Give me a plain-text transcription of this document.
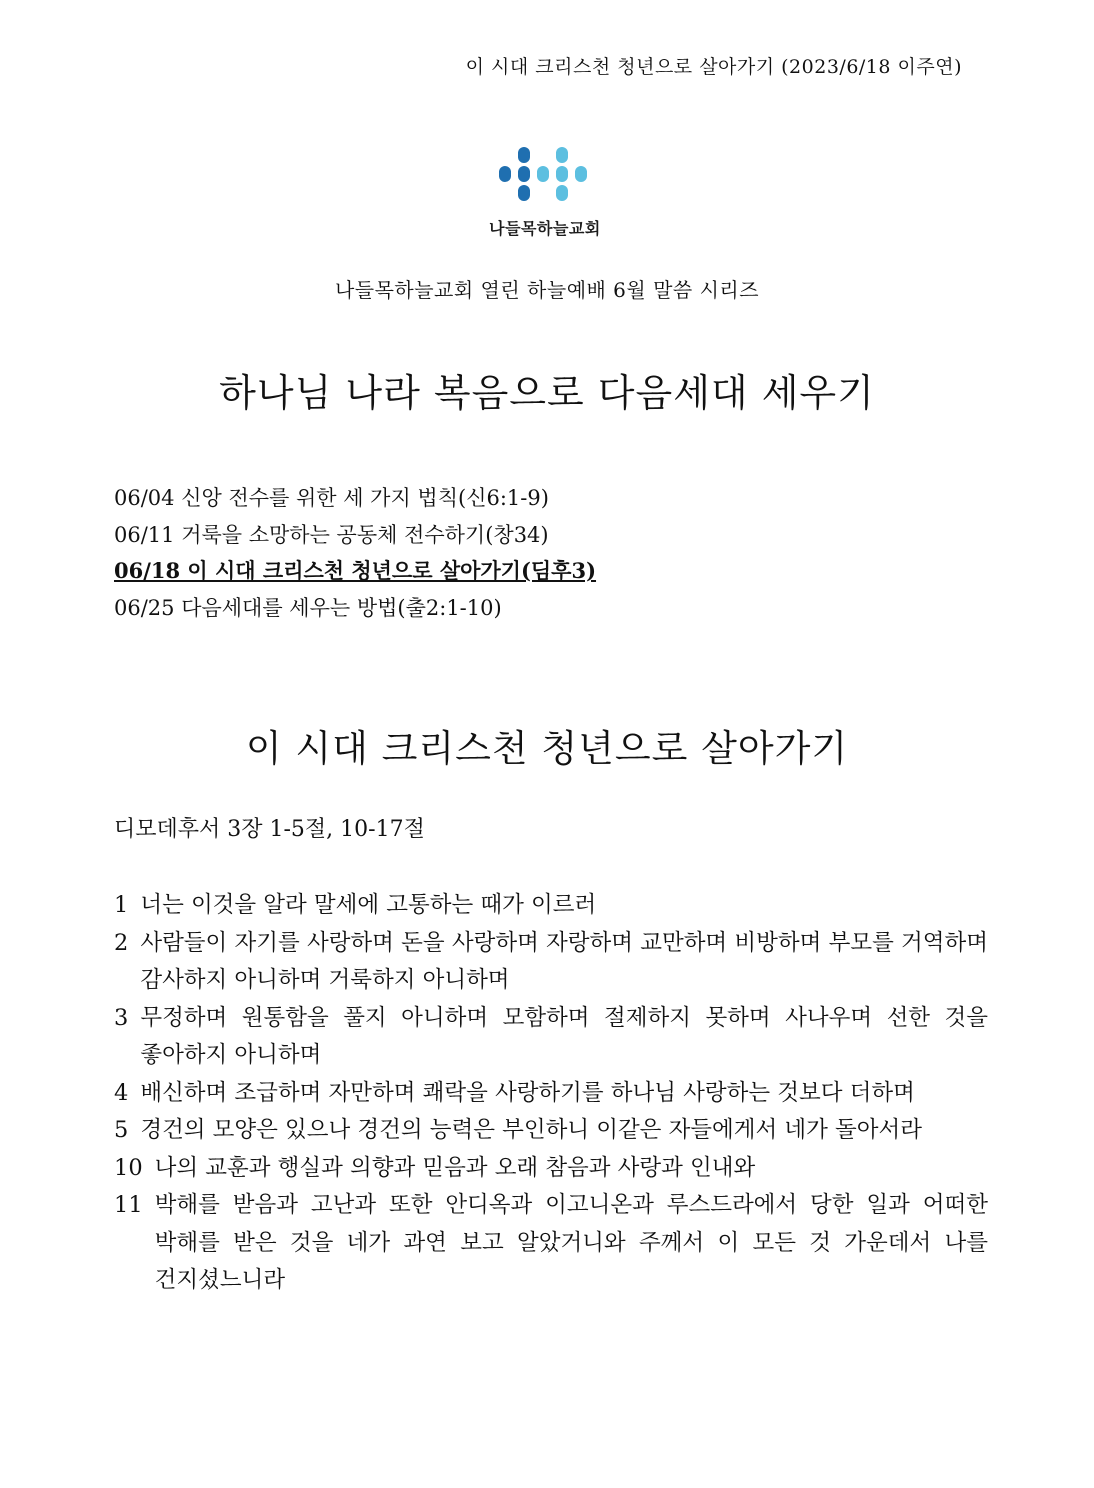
이 시대 크리스천 청년으로 살아가기 (2023/6/18 이주연)
나들목하늘교회
나들목하늘교회 열린 하늘예배 6월 말씀 시리즈
하나님 나라 복음으로 다음세대 세우기
06/04 신앙 전수를 위한 세 가지 법칙(신6:1-9)
06/11 거룩을 소망하는 공동체 전수하기(창34)
06/18 이 시대 크리스천 청년으로 살아가기(딤후3)
06/25 다음세대를 세우는 방법(출2:1-10)
이 시대 크리스천 청년으로 살아가기
디모데후서 3장 1-5절, 10-17절
1 너는 이것을 알라 말세에 고통하는 때가 이르러
2 사람들이 자기를 사랑하며 돈을 사랑하며 자랑하며 교만하며 비방하며 부모를 거역하며 감사하지 아니하며 거룩하지 아니하며
3 무정하며 원통함을 풀지 아니하며 모함하며 절제하지 못하며 사나우며 선한 것을 좋아하지 아니하며
4 배신하며 조급하며 자만하며 쾌락을 사랑하기를 하나님 사랑하는 것보다 더하며
5 경건의 모양은 있으나 경건의 능력은 부인하니 이같은 자들에게서 네가 돌아서라
10 나의 교훈과 행실과 의향과 믿음과 오래 참음과 사랑과 인내와
11 박해를 받음과 고난과 또한 안디옥과 이고니온과 루스드라에서 당한 일과 어떠한 박해를 받은 것을 네가 과연 보고 알았거니와 주께서 이 모든 것 가운데서 나를 건지셨느니라
